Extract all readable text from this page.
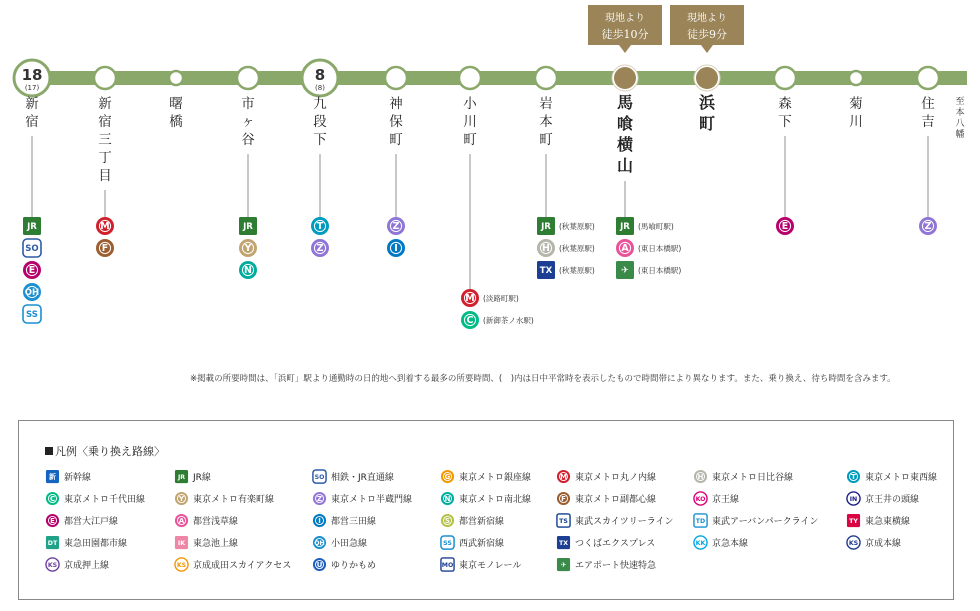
18
(17)
新
宿
JR
SO
E
OH
SS
新
宿
三
丁
目
M
F
曙
橋
市
ヶ
谷
JR
Y
N
8
(8)
九
段
下
T
Z
神
保
町
Z
I
小
川
町
M (淡路町駅)
C (新御茶ノ水駅)
岩
本
町
JR (秋葉原駅)
H (秋葉原駅)
TX (秋葉原駅)
馬
喰
横
山
JR (馬喰町駅)
A (東日本橋駅)
✈ (東日本橋駅)
浜
町
森
下
E
菊
川
住
吉
Z
至
本
八
幡
現地より
徒歩10分
現地より
徒歩9分
※掲載の所要時間は、「浜町」駅より通勤時の日的地へ到着する最多の所要時間、(　)内は日中平常時を表示したもので時間帯により異なります。また、乗り換え、待ち時間を含みます。
凡例〈乗り換え路線〉
新 新幹線	JR JR線	SO 相鉄・JR直通線	G 東京メトロ銀座線	M 東京メトロ丸ノ内線	H 東京メトロ日比谷線	T 東京メトロ東西線
C 東京メトロ千代田線	Y 東京メトロ有楽町線	Z 東京メトロ半蔵門線	N 東京メトロ南北線	F 東京メトロ副都心線	KO 京王線	IN 京王井の頭線
E 都営大江戸線	A 都営浅草線	I 都営三田線	S 都営新宿線	TS 東武スカイツリーライン	TD 東武アーバンパークライン	TY 東急東横線
DT 東急田園都市線	IK 東急池上線	OH 小田急線	SS 西武新宿線	TX つくばエクスプレス	KK 京急本線	KS 京成本線
KS 京成押上線	KS 京成成田スカイアクセス	U ゆりかもめ	MO 東京モノレール	✈ エアポート快速特急
